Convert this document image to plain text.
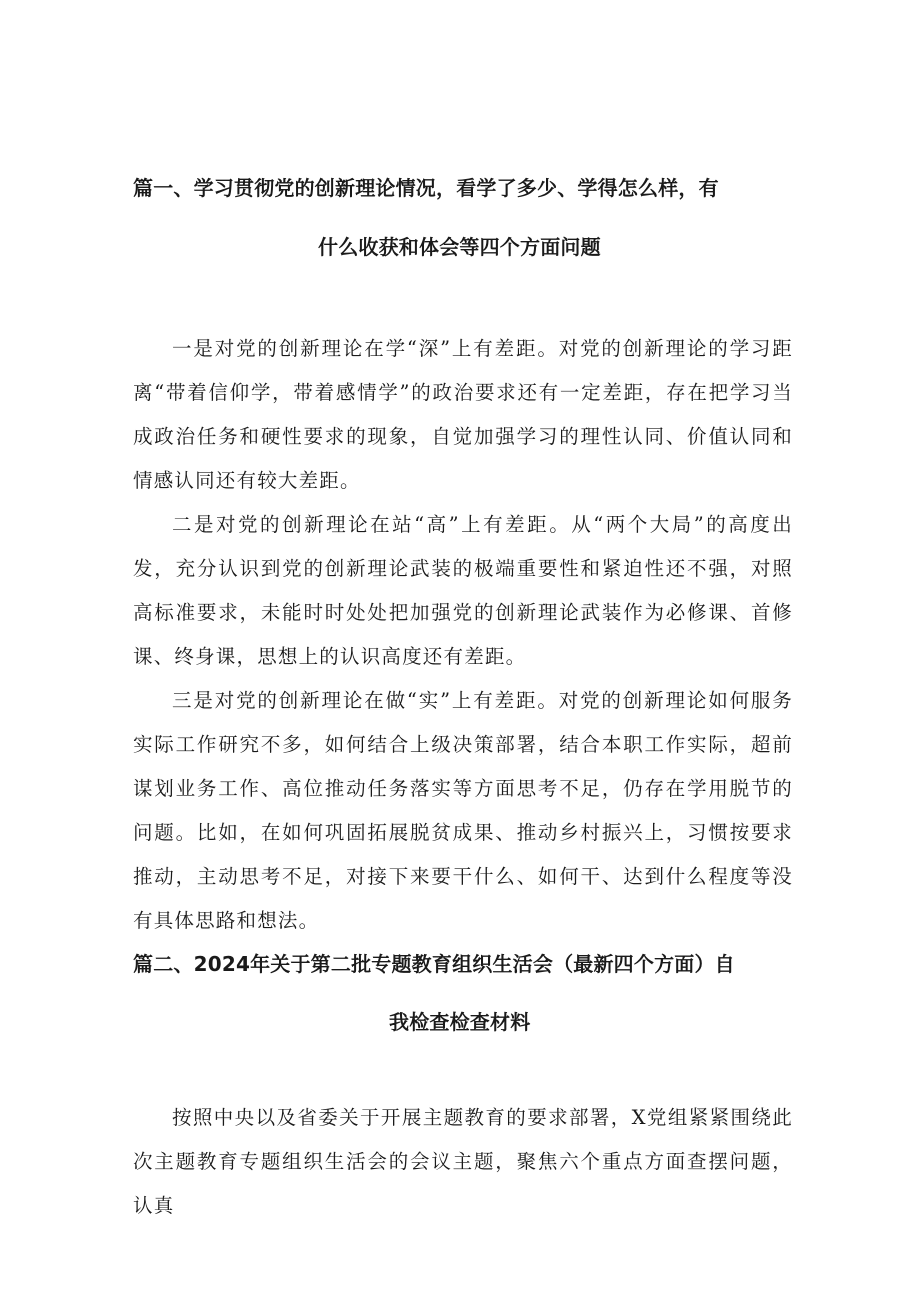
篇一、学习贯彻党的创新理论情况，看学了多少、学得怎么样，有
什么收获和体会等四个方面问题

一是对党的创新理论在学“深”上有差距。对党的创新理论的学习距离“带着信仰学，带着感情学”的政治要求还有一定差距，存在把学习当成政治任务和硬性要求的现象，自觉加强学习的理性认同、价值认同和情感认同还有较大差距。

二是对党的创新理论在站“高”上有差距。从“两个大局”的高度出发，充分认识到党的创新理论武装的极端重要性和紧迫性还不强，对照高标准要求，未能时时处处把加强党的创新理论武装作为必修课、首修课、终身课，思想上的认识高度还有差距。

三是对党的创新理论在做“实”上有差距。对党的创新理论如何服务实际工作研究不多，如何结合上级决策部署，结合本职工作实际，超前谋划业务工作、高位推动任务落实等方面思考不足，仍存在学用脱节的问题。比如，在如何巩固拓展脱贫成果、推动乡村振兴上，习惯按要求推动，主动思考不足，对接下来要干什么、如何干、达到什么程度等没有具体思路和想法。

篇二、2024年关于第二批专题教育组织生活会（最新四个方面）自
我检查检查材料

按照中央以及省委关于开展主题教育的要求部署，X党组紧紧围绕此次主题教育专题组织生活会的会议主题，聚焦六个重点方面查摆问题，认真
